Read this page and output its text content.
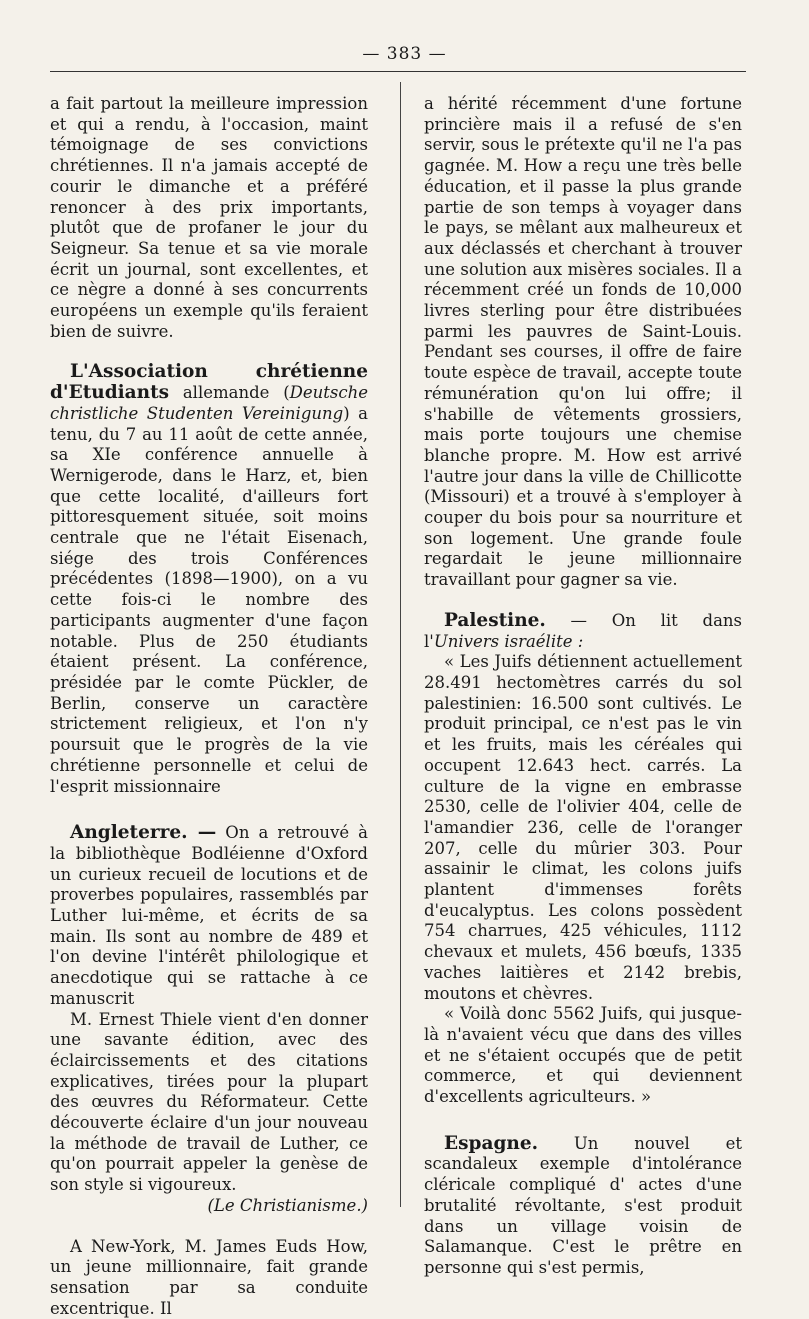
— 383 —

a fait partout la meilleure impression et qui a rendu, à l'occasion, maint témoignage de ses convictions chrétiennes. Il n'a jamais accepté de courir le dimanche et a préféré renoncer à des prix importants, plutôt que de profaner le jour du Seigneur. Sa tenue et sa vie morale écrit un journal, sont excellentes, et ce nègre a donné à ses concurrents européens un exemple qu'ils feraient bien de suivre.

L'Association chrétienne d'Etudiants allemande (Deutsche christliche Studenten Vereinigung) a tenu, du 7 au 11 août de cette année, sa XIe conférence annuelle à Wernigerode, dans le Harz, et, bien que cette localité, d'ailleurs fort pittoresquement située, soit moins centrale que ne l'était Eisenach, siége des trois Conférences précédentes (1898—1900), on a vu cette fois-ci le nombre des participants augmenter d'une façon notable. Plus de 250 étudiants étaient présent. La conférence, présidée par le comte Pückler, de Berlin, conserve un caractère strictement religieux, et l'on n'y poursuit que le progrès de la vie chrétienne personnelle et celui de l'esprit missionnaire

Angleterre. — On a retrouvé à la bibliothèque Bodléienne d'Oxford un curieux recueil de locutions et de proverbes populaires, rassemblés par Luther lui-même, et écrits de sa main. Ils sont au nombre de 489 et l'on devine l'intérêt philologique et anecdotique qui se rattache à ce manuscrit

M. Ernest Thiele vient d'en donner une savante édition, avec des éclaircissements et des citations explicatives, tirées pour la plupart des œuvres du Réformateur. Cette découverte éclaire d'un jour nouveau la méthode de travail de Luther, ce qu'on pourrait appeler la genèse de son style si vigoureux.

(Le Christianisme.)

A New-York, M. James Euds How, un jeune millionnaire, fait grande sensation par sa conduite excentrique. Il

a hérité récemment d'une fortune princière mais il a refusé de s'en servir, sous le prétexte qu'il ne l'a pas gagnée. M. How a reçu une très belle éducation, et il passe la plus grande partie de son temps à voyager dans le pays, se mêlant aux malheureux et aux déclassés et cherchant à trouver une solution aux misères sociales. Il a récemment créé un fonds de 10,000 livres sterling pour être distribuées parmi les pauvres de Saint-Louis. Pendant ses courses, il offre de faire toute espèce de travail, accepte toute rémunération qu'on lui offre; il s'habille de vêtements grossiers, mais porte toujours une chemise blanche propre. M. How est arrivé l'autre jour dans la ville de Chillicotte (Missouri) et a trouvé à s'employer à couper du bois pour sa nourriture et son logement. Une grande foule regardait le jeune millionnaire travaillant pour gagner sa vie.

Palestine. — On lit dans l'Univers israélite :

« Les Juifs détiennent actuellement 28.491 hectomètres carrés du sol palestinien: 16.500 sont cultivés. Le produit principal, ce n'est pas le vin et les fruits, mais les céréales qui occupent 12.643 hect. carrés. La culture de la vigne en embrasse 2530, celle de l'olivier 404, celle de l'amandier 236, celle de l'oranger 207, celle du mûrier 303. Pour assainir le climat, les colons juifs plantent d'immenses forêts d'eucalyptus. Les colons possèdent 754 charrues, 425 véhicules, 1112 chevaux et mulets, 456 bœufs, 1335 vaches laitières et 2142 brebis, moutons et chèvres.

« Voilà donc 5562 Juifs, qui jusque-là n'avaient vécu que dans des villes et ne s'étaient occupés que de petit commerce, et qui deviennent d'excellents agriculteurs. »

Espagne. Un nouvel et scandaleux exemple d'intolérance cléricale compliqué d' actes d'une brutalité révoltante, s'est produit dans un village voisin de Salamanque. C'est le prêtre en personne qui s'est permis,
